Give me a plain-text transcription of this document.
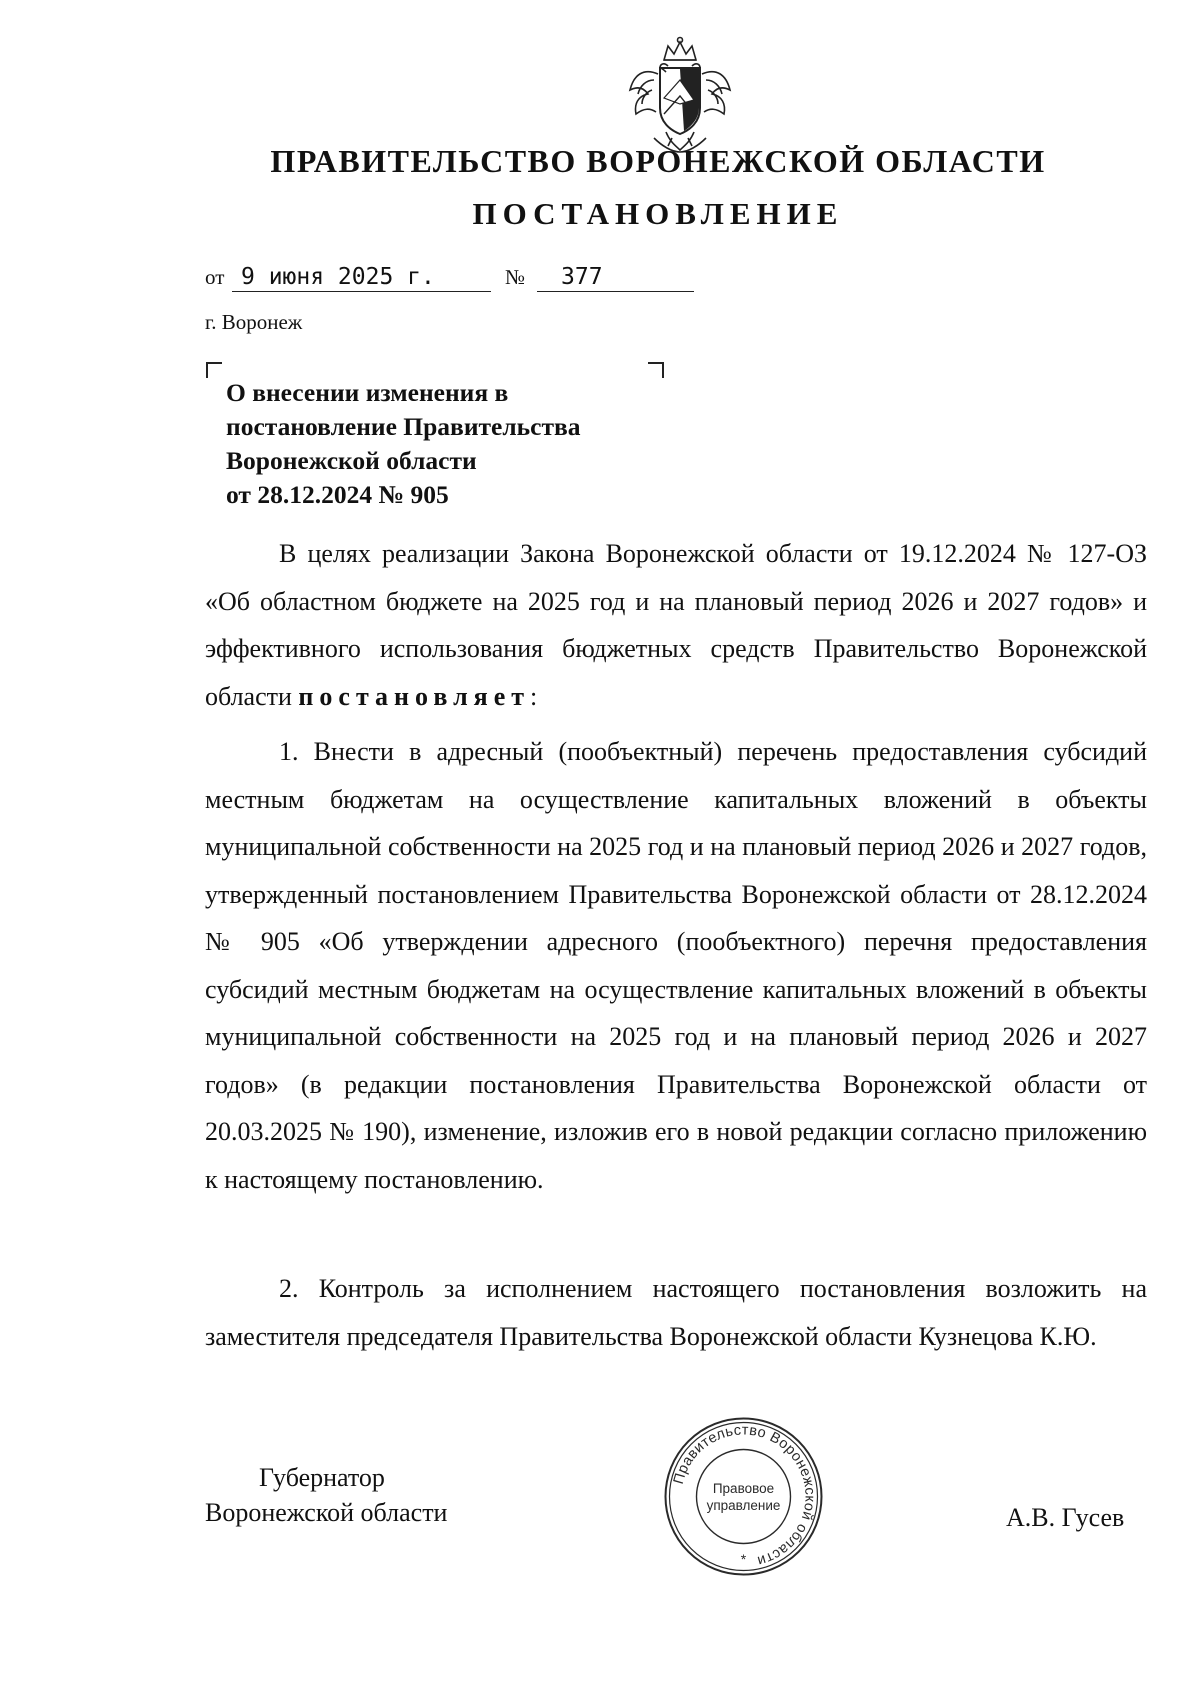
ПРАВИТЕЛЬСТВО ВОРОНЕЖСКОЙ ОБЛАСТИ
ПОСТАНОВЛЕНИЕ
от 9 июня 2025 г.	№	377
г. Воронеж
О внесении изменения в
постановление Правительства
Воронежской области
от 28.12.2024 № 905
В целях реализации Закона Воронежской области от 19.12.2024 № 127-ОЗ «Об областном бюджете на 2025 год и на плановый период 2026 и 2027 годов» и эффективного использования бюджетных средств Правительство Воронежской области постановляет:
1. Внести в адресный (пообъектный) перечень предоставления субсидий местным бюджетам на осуществление капитальных вложений в объекты муниципальной собственности на 2025 год и на плановый период 2026 и 2027 годов, утвержденный постановлением Правительства Воронежской области от 28.12.2024 № 905 «Об утверждении адресного (пообъектного) перечня предоставления субсидий местным бюджетам на осуществление капитальных вложений в объекты муниципальной собственности на 2025 год и на плановый период 2026 и 2027 годов» (в редакции постановления Правительства Воронежской области от 20.03.2025 № 190), изменение, изложив его в новой редакции согласно приложению к настоящему постановлению.
2. Контроль за исполнением настоящего постановления возложить на заместителя председателя Правительства Воронежской области Кузнецова К.Ю.
Губернатор
Воронежской области
Правительство Воронежской области
Правовое
управление
*
А.В. Гусев
